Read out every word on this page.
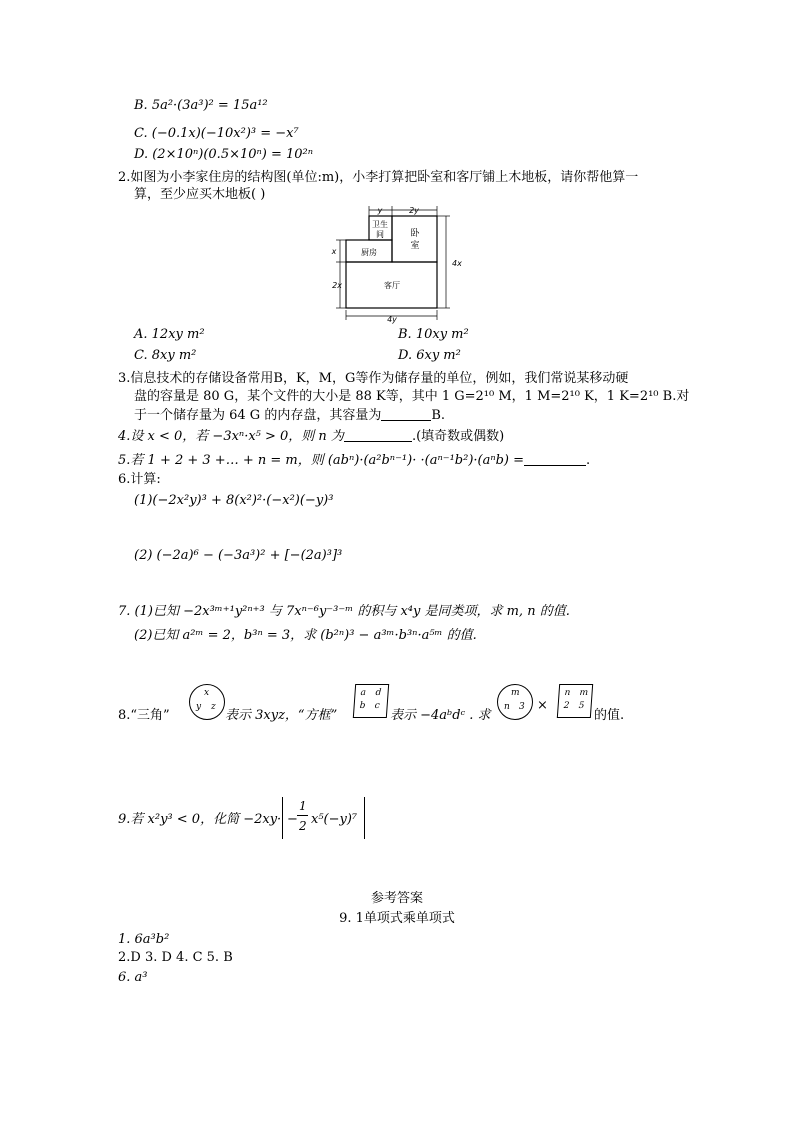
B. 5a²·(3a³)² = 15a¹²
C. (−0.1x)(−10x²)³ = −x⁷
D. (2×10ⁿ)(0.5×10ⁿ) = 10²ⁿ
2.如图为小李家住房的结构图(单位:m)，小李打算把卧室和客厅铺上木地板，请你帮他算一
算，至少应买木地板( )
y	2y
x
2x
4x
4y
卫生
间	卧
室
厨房
客厅
A. 12xy m²	B. 10xy m²
C. 8xy m²	D. 6xy m²
3.信息技术的存储设备常用B，K，M，G等作为储存量的单位，例如，我们常说某移动硬
盘的容量是 80 G，某个文件的大小是 88 K等，其中 1 G=2¹⁰ M，1 M=2¹⁰ K，1 K=2¹⁰ B.对
于一个储存量为 64 G 的内存盘，其容量为	B.
4.设 x < 0，若 −3xⁿ·x⁵ > 0，则 n 为	.(填奇数或偶数)
5.若 1 + 2 + 3 +… + n = m，则 (abⁿ)·(a²bⁿ⁻¹)· ·(aⁿ⁻¹b²)·(aⁿb) =	.
6.计算:
(1)(−2x²y)³ + 8(x²)²·(−x²)(−y)³
(2) (−2a)⁶ − (−3a³)² + [−(2a)³]³
7. (1)已知 −2x³ᵐ⁺¹y²ⁿ⁺³ 与 7xⁿ⁻⁶y⁻³⁻ᵐ 的积与 x⁴y 是同类项，求 m, n 的值.
(2)已知 a²ᵐ = 2，b³ⁿ = 3，求 (b²ⁿ)³ − a³ᵐ·b³ⁿ·a⁵ᵐ 的值.
8.“三角”
x
y z
表示 3xyz，“方框”
a d
b c
表示 −4aᵇdᶜ . 求
m
n 3 ×
n m
2 5
的值.
9.若 x²y³ < 0，化简 −2xy· −
1
2 x⁵(−y)⁷
参考答案
9. 1单项式乘单项式
1. 6a³b²
2.D 3. D 4. C 5. B
6. a³
